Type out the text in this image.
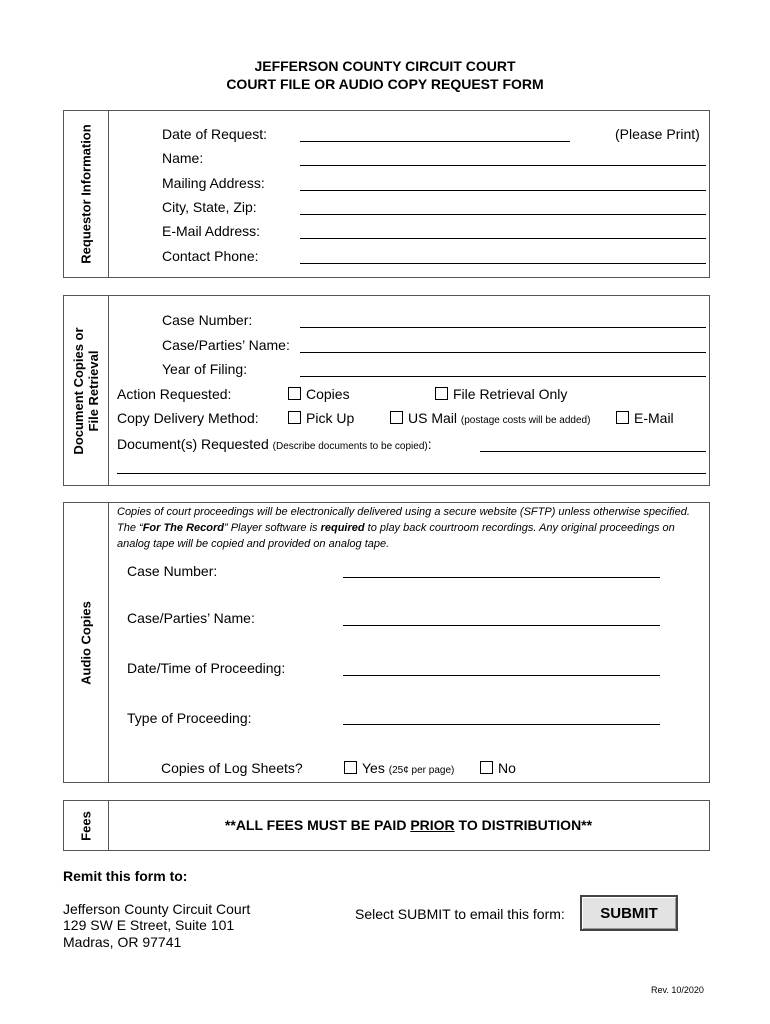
JEFFERSON COUNTY CIRCUIT COURT
COURT FILE OR AUDIO COPY REQUEST FORM
Requestor Information	Date of Request:	(Please Print)
Name:
Mailing Address:
City, State, Zip:
E-Mail Address:
Contact Phone:
Document Copies or
File Retrieval
Case Number:
Case/Parties’ Name:
Year of Filing:
Action Requested:	Copies	File Retrieval Only
Copy Delivery Method:	Pick Up	US Mail (postage costs will be added)	E-Mail
Document(s) Requested (Describe documents to be copied):
Audio Copies
Copies of court proceedings will be electronically delivered using a secure website (SFTP) unless otherwise specified. The “For The Record” Player software is required to play back courtroom recordings. Any original proceedings on analog tape will be copied and provided on analog tape.
Case Number:
Case/Parties’ Name:
Date/Time of Proceeding:
Type of Proceeding:
Copies of Log Sheets?	Yes (25¢ per page)	No
Fees	**ALL FEES MUST BE PAID PRIOR TO DISTRIBUTION**
Remit this form to:
Jefferson County Circuit Court
129 SW E Street, Suite 101
Madras, OR 97741
Select SUBMIT to email this form:	SUBMIT
Rev. 10/2020
